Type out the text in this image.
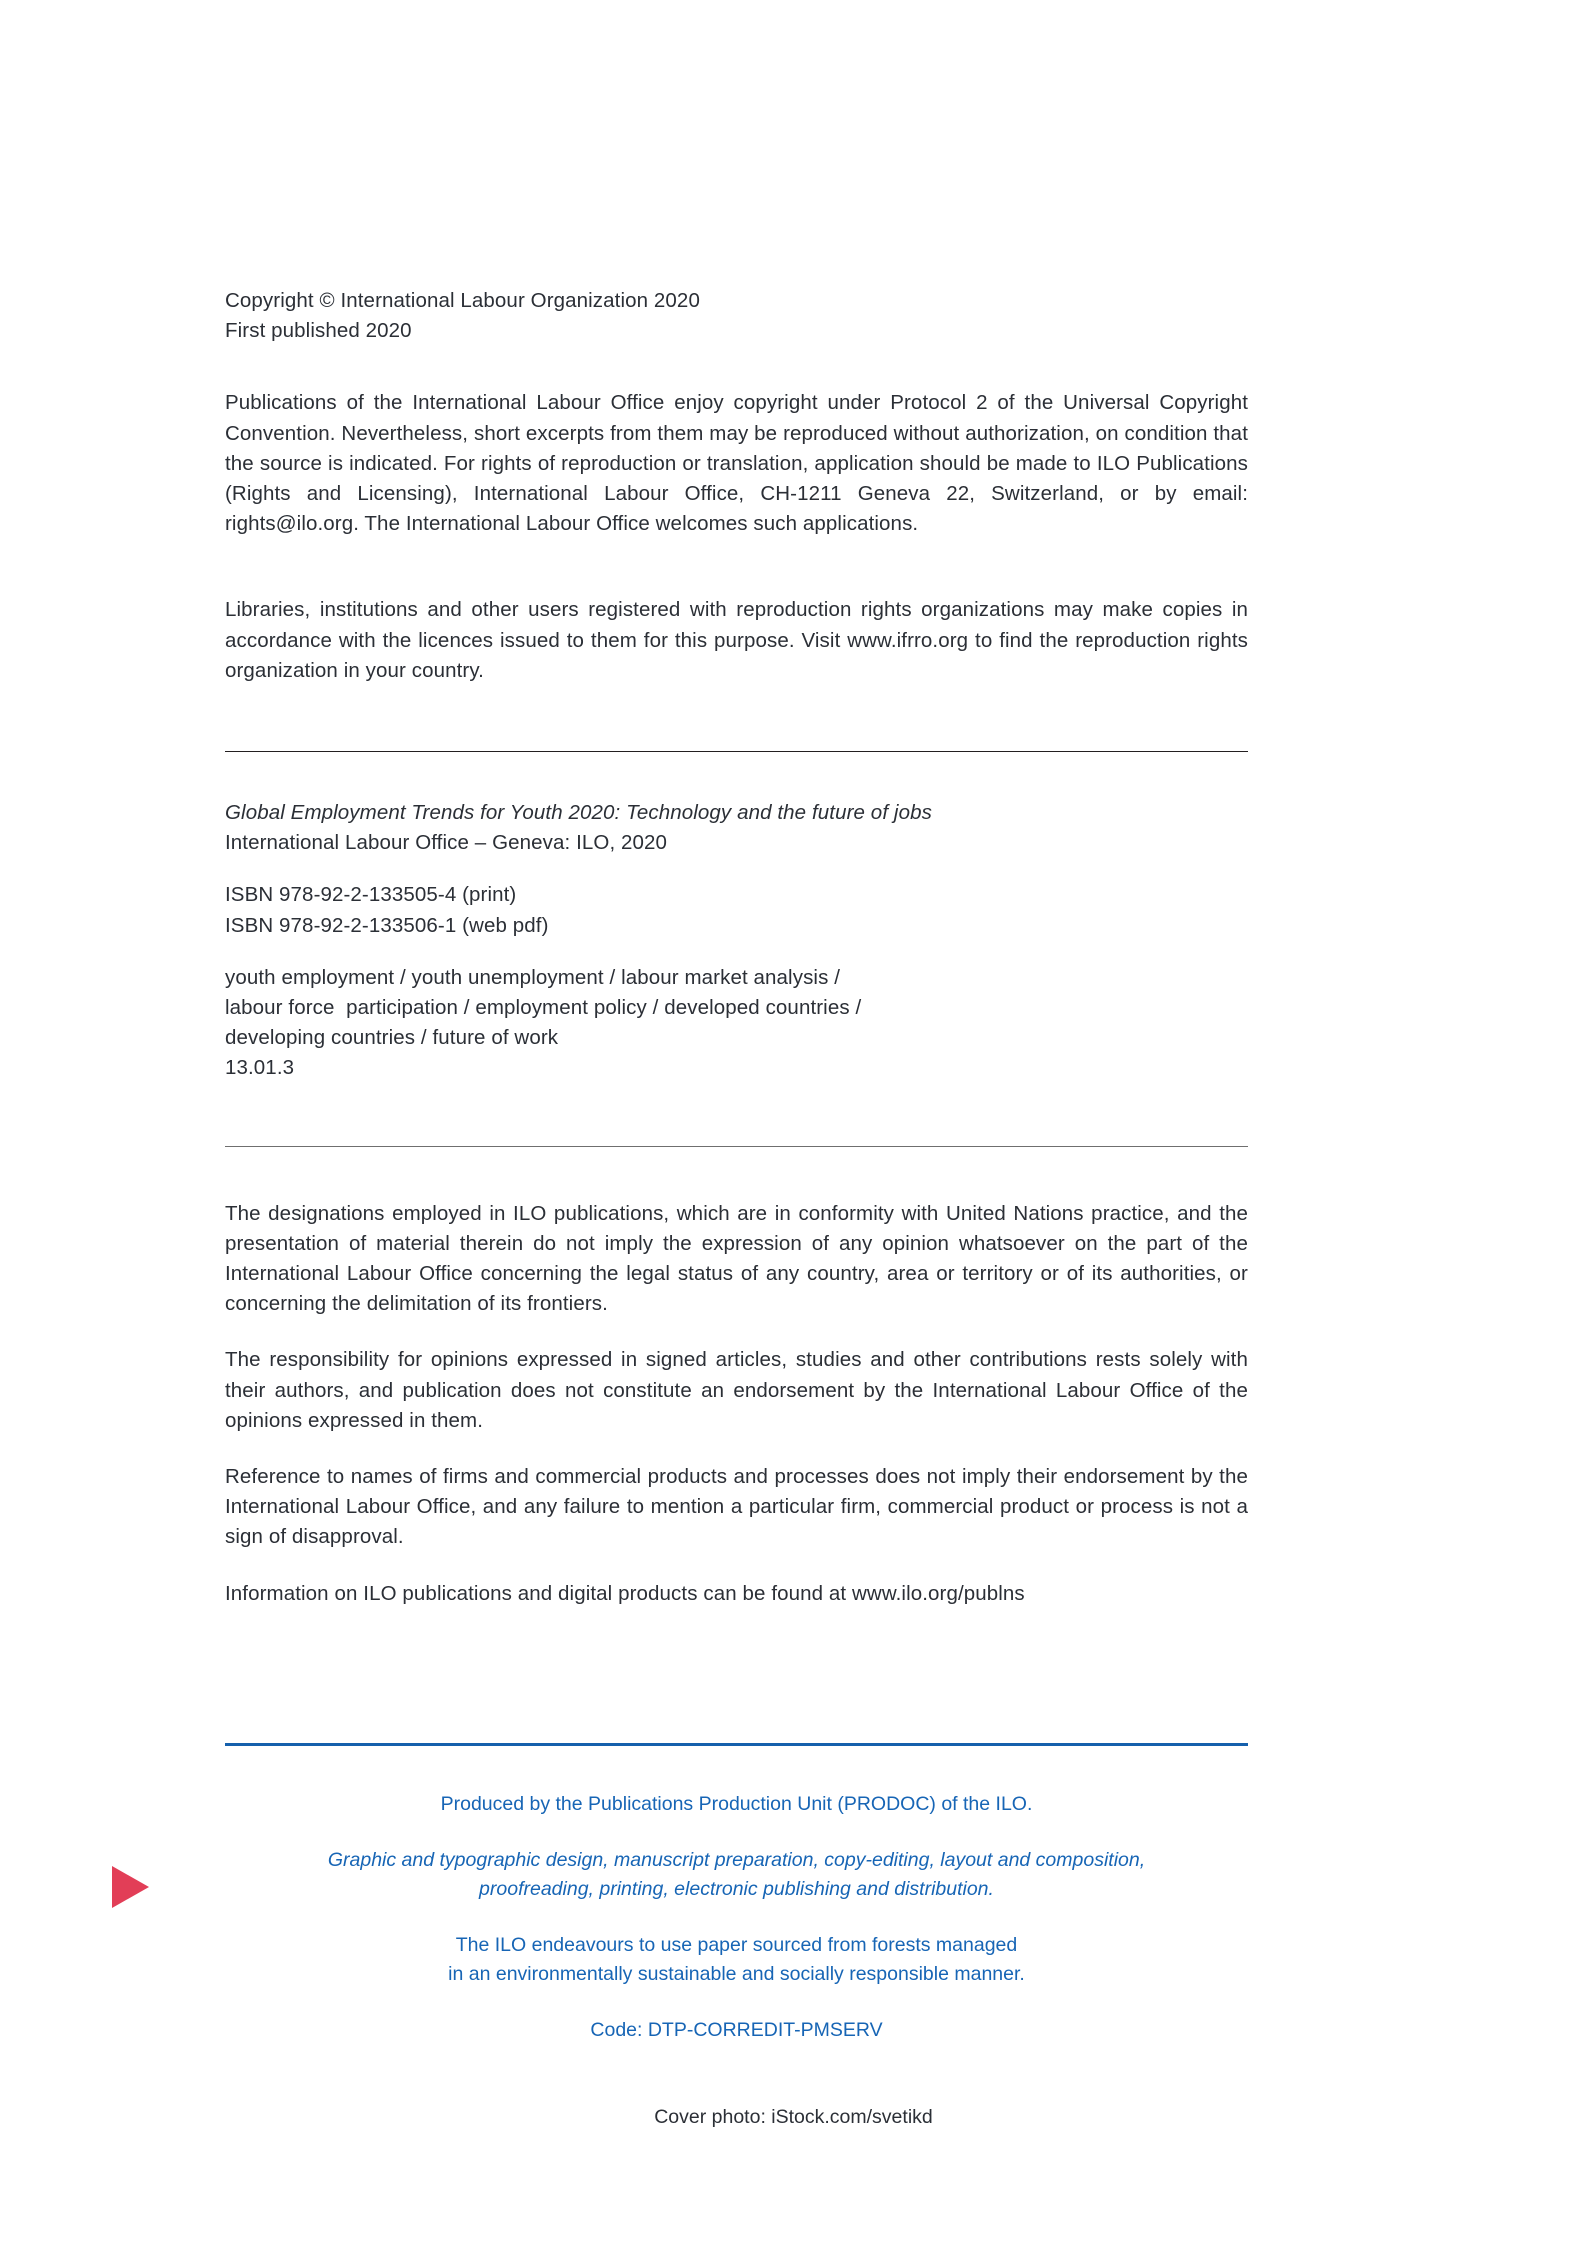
Copyright © International Labour Organization 2020

First published 2020

Publications of the International Labour Office enjoy copyright under Protocol 2 of the Universal Copyright Convention. Nevertheless, short excerpts from them may be reproduced without authorization, on condition that the source is indicated. For rights of reproduction or translation, application should be made to ILO Publications (Rights and Licensing), International Labour Office, CH-1211 Geneva 22, Switzerland, or by email: rights@ilo.org. The International Labour Office welcomes such applications.

Libraries, institutions and other users registered with reproduction rights organizations may make copies in accordance with the licences issued to them for this purpose. Visit www.ifrro.org to find the reproduction rights organization in your country.

Global Employment Trends for Youth 2020: Technology and the future of jobs

International Labour Office – Geneva: ILO, 2020

ISBN 978-92-2-133505-4 (print)

ISBN 978-92-2-133506-1 (web pdf)

youth employment / youth unemployment / labour market analysis /

labour force  participation / employment policy / developed countries /

developing countries / future of work

13.01.3

The designations employed in ILO publications, which are in conformity with United Nations practice, and the presentation of material therein do not imply the expression of any opinion whatsoever on the part of the International Labour Office concerning the legal status of any country, area or territory or of its authorities, or concerning the delimitation of its frontiers.

The responsibility for opinions expressed in signed articles, studies and other contributions rests solely with their authors, and publication does not constitute an endorsement by the International Labour Office of the opinions expressed in them.

Reference to names of firms and commercial products and processes does not imply their endorsement by the International Labour Office, and any failure to mention a particular firm, commercial product or process is not a sign of disapproval.

Information on ILO publications and digital products can be found at www.ilo.org/publns

Produced by the Publications Production Unit (PRODOC) of the ILO.

Graphic and typographic design, manuscript preparation, copy-editing, layout and composition,

proofreading, printing, electronic publishing and distribution.

The ILO endeavours to use paper sourced from forests managed

in an environmentally sustainable and socially responsible manner.

Code: DTP-CORREDIT-PMSERV

Cover photo: iStock.com/svetikd
